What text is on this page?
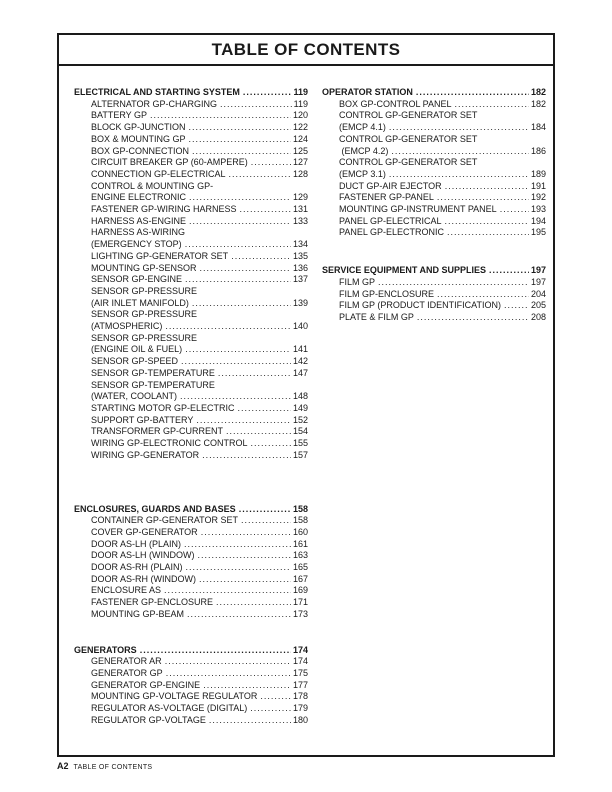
TABLE OF CONTENTS
ELECTRICAL AND STARTING SYSTEM .....	119
ALTERNATOR GP-CHARGING .....	119
BATTERY GP .....	120
BLOCK GP-JUNCTION .....	122
BOX & MOUNTING GP .....	124
BOX GP-CONNECTION .....	125
CIRCUIT BREAKER GP (60-AMPERE) .....	127
CONNECTION GP-ELECTRICAL .....	128
CONTROL & MOUNTING GP-
ENGINE ELECTRONIC .....	129
FASTENER GP-WIRING HARNESS .....	131
HARNESS AS-ENGINE .....	133
HARNESS AS-WIRING
(EMERGENCY STOP) .....	134
LIGHTING GP-GENERATOR SET .....	135
MOUNTING GP-SENSOR .....	136
SENSOR GP-ENGINE .....	137
SENSOR GP-PRESSURE
(AIR INLET MANIFOLD) .....	139
SENSOR GP-PRESSURE
(ATMOSPHERIC) .....	140
SENSOR GP-PRESSURE
(ENGINE OIL & FUEL) .....	141
SENSOR GP-SPEED .....	142
SENSOR GP-TEMPERATURE .....	147
SENSOR GP-TEMPERATURE
(WATER, COOLANT) .....	148
STARTING MOTOR GP-ELECTRIC .....	149
SUPPORT GP-BATTERY .....	152
TRANSFORMER GP-CURRENT .....	154
WIRING GP-ELECTRONIC CONTROL .....	155
WIRING GP-GENERATOR .....	157
ENCLOSURES, GUARDS AND BASES .....	158
CONTAINER GP-GENERATOR SET .....	158
COVER GP-GENERATOR .....	160
DOOR AS-LH (PLAIN) .....	161
DOOR AS-LH (WINDOW) .....	163
DOOR AS-RH (PLAIN) .....	165
DOOR AS-RH (WINDOW) .....	167
ENCLOSURE AS .....	169
FASTENER GP-ENCLOSURE .....	171
MOUNTING GP-BEAM .....	173
GENERATORS .....	174
GENERATOR AR .....	174
GENERATOR GP .....	175
GENERATOR GP-ENGINE .....	177
MOUNTING GP-VOLTAGE REGULATOR .....	178
REGULATOR AS-VOLTAGE (DIGITAL) .....	179
REGULATOR GP-VOLTAGE .....	180
OPERATOR STATION .....	182
BOX GP-CONTROL PANEL .....	182
CONTROL GP-GENERATOR SET
(EMCP 4.1) .....	184
CONTROL GP-GENERATOR SET
(EMCP 4.2) .....	186
CONTROL GP-GENERATOR SET
(EMCP 3.1) .....	189
DUCT GP-AIR EJECTOR .....	191
FASTENER GP-PANEL .....	192
MOUNTING GP-INSTRUMENT PANEL .....	193
PANEL GP-ELECTRICAL .....	194
PANEL GP-ELECTRONIC .....	195
SERVICE EQUIPMENT AND SUPPLIES .....	197
FILM GP .....	197
FILM GP-ENCLOSURE .....	204
FILM GP (PRODUCT IDENTIFICATION) .....	205
PLATE & FILM GP .....	208
A2 TABLE OF CONTENTS
